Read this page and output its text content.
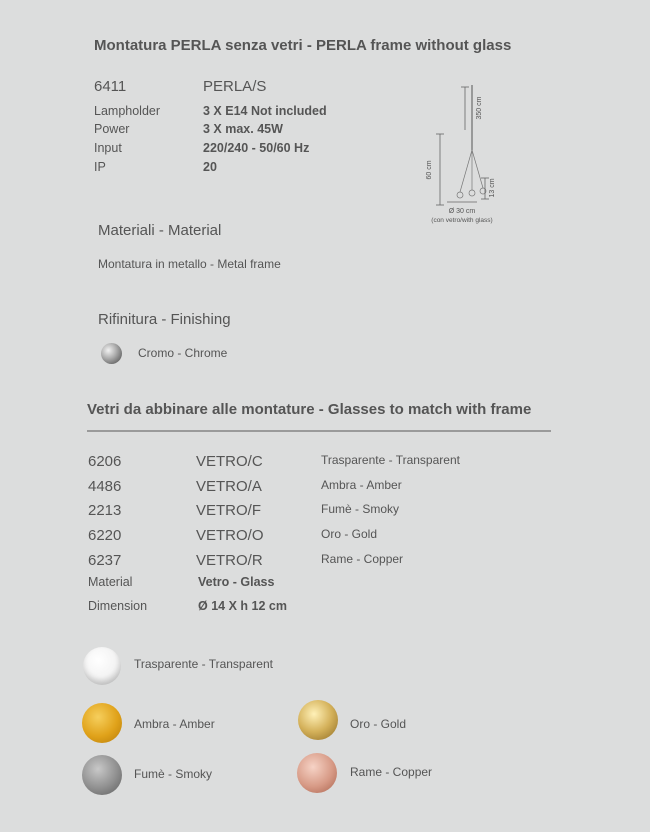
Montatura PERLA senza vetri - PERLA frame without glass
6411	PERLA/S
Lampholder	3 X E14 Not included
Power	3 X max. 45W
Input	220/240 - 50/60 Hz
IP	20
350 cm
60 cm
13 cm
Ø 30 cm
(con vetro/with glass)
Materiali - Material
Montatura in metallo - Metal frame
Rifinitura - Finishing
Cromo - Chrome
Vetri da abbinare alle montature - Glasses to match with frame
6206	VETRO/C	Trasparente - Transparent
4486	VETRO/A	Ambra - Amber
2213	VETRO/F	Fumè - Smoky
6220	VETRO/O	Oro - Gold
6237	VETRO/R	Rame - Copper
Material	Vetro - Glass
Dimension	Ø 14 X h 12 cm
Trasparente - Transparent
Ambra - Amber	Oro - Gold
Fumè - Smoky	Rame - Copper
